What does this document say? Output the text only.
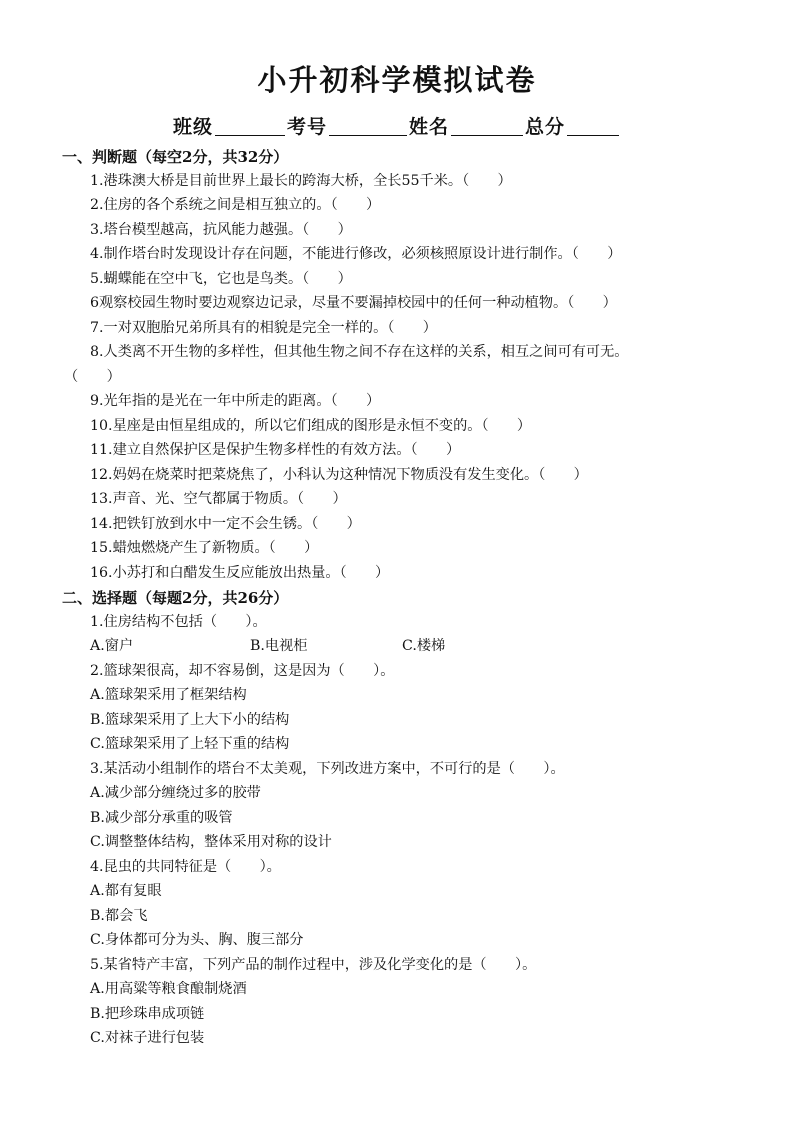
小升初科学模拟试卷
班级	考号	姓名	总分
一、判断题（每空2分，共32分）
1.港珠澳大桥是目前世界上最长的跨海大桥，全长55千米。（　　）
2.住房的各个系统之间是相互独立的。（　　）
3.塔台模型越高，抗风能力越强。（　　）
4.制作塔台时发现设计存在问题，不能进行修改，必须核照原设计进行制作。（　　）
5.蝴蝶能在空中飞，它也是鸟类。（　　）
6观察校园生物时要边观察边记录，尽量不要漏掉校园中的任何一种动植物。（　　）
7.一对双胞胎兄弟所具有的相貌是完全一样的。（　　）
8.人类离不开生物的多样性，但其他生物之间不存在这样的关系，相互之间可有可无。
（　　）
9.光年指的是光在一年中所走的距离。（　　）
10.星座是由恒星组成的，所以它们组成的图形是永恒不变的。（　　）
11.建立自然保护区是保护生物多样性的有效方法。（　　）
12.妈妈在烧菜时把菜烧焦了，小科认为这种情况下物质没有发生变化。（　　）
13.声音、光、空气都属于物质。（　　）
14.把铁钉放到水中一定不会生锈。（　　）
15.蜡烛燃烧产生了新物质。（　　）
16.小苏打和白醋发生反应能放出热量。（　　）
二、选择题（每题2分，共26分）
1.住房结构不包括（　　）。
A.窗户	B.电视柜	C.楼梯
2.篮球架很高，却不容易倒，这是因为（　　）。
A.篮球架采用了框架结构
B.篮球架采用了上大下小的结构
C.篮球架采用了上轻下重的结构
3.某活动小组制作的塔台不太美观，下列改进方案中，不可行的是（　　）。
A.减少部分缠绕过多的胶带
B.减少部分承重的吸管
C.调整整体结构，整体采用对称的设计
4.昆虫的共同特征是（　　）。
A.都有复眼
B.都会飞
C.身体都可分为头、胸、腹三部分
5.某省特产丰富，下列产品的制作过程中，涉及化学变化的是（　　）。
A.用高粱等粮食酿制烧酒
B.把珍珠串成项链
C.对袜子进行包装
